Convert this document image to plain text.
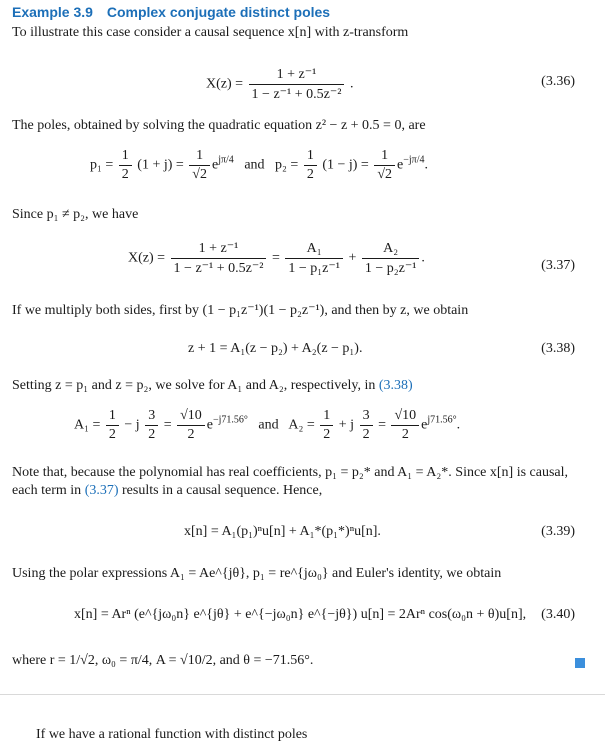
Example 3.9 Complex conjugate distinct poles
To illustrate this case consider a causal sequence x[n] with z-transform
$X(z) = \frac{\text{1 + z⁻¹}}{\text{1 − z⁻¹ + 0.5z⁻²}}$ .	(3.36)
The poles, obtained by solving the quadratic equation z² − z + 0.5 = 0, are
$p_1 = \frac{1}{2} (1 + j) = \frac{1}{√2} e^{j\pi/4}$ and $p_2 = \frac{1}{2} (1 - j) = \frac{1}{√2} e^{-j\pi/4}$.
Since p₁ ≠ p₂, we have
$X(z) = \frac{\text{1 + z⁻¹}}{\text{1 − z⁻¹ + 0.5z⁻²}} = \frac{\text{A₁}}{\text{1 − p₁z⁻¹}} + \frac{\text{A₂}}{\text{1 − p₂z⁻¹}}$ .	(3.37)
If we multiply both sides, first by (1 − p₁z⁻¹)(1 − p₂z⁻¹), and then by z, we obtain
z + 1 = A₁(z − p₂) + A₂(z − p₁).	(3.38)
Setting z = p₁ and z = p₂, we solve for A₁ and A₂, respectively, in (3.38)
$A_1 = \frac{1}{2} - j \frac{3}{2} = \frac{√10}{2} e^{-j71.56^\circ}$ and $A_2 = \frac{1}{2} + j \frac{3}{2} = \frac{√10}{2} e^{j71.56^\circ}$.
Note that, because the polynomial has real coefficients, p₁ = p₂* and A₁ = A₂*. Since x[n] is causal, each term in (3.37) results in a causal sequence. Hence,
x[n] = A₁(p₁)ⁿu[n] + A₁*(p₁*)ⁿu[n].	(3.39)
Using the polar expressions A₁ = Ae^{jθ}, p₁ = re^{jω₀} and Euler's identity, we obtain
x[n] = Arⁿ (e^{jω₀n} e^{jθ} + e^{−jω₀n} e^{−jθ}) u[n] = 2Arⁿ cos(ω₀n + θ)u[n], (3.40)
where r = 1/√2, ω₀ = π/4, A = √10/2, and θ = −71.56°.
If we have a rational function with distinct poles
